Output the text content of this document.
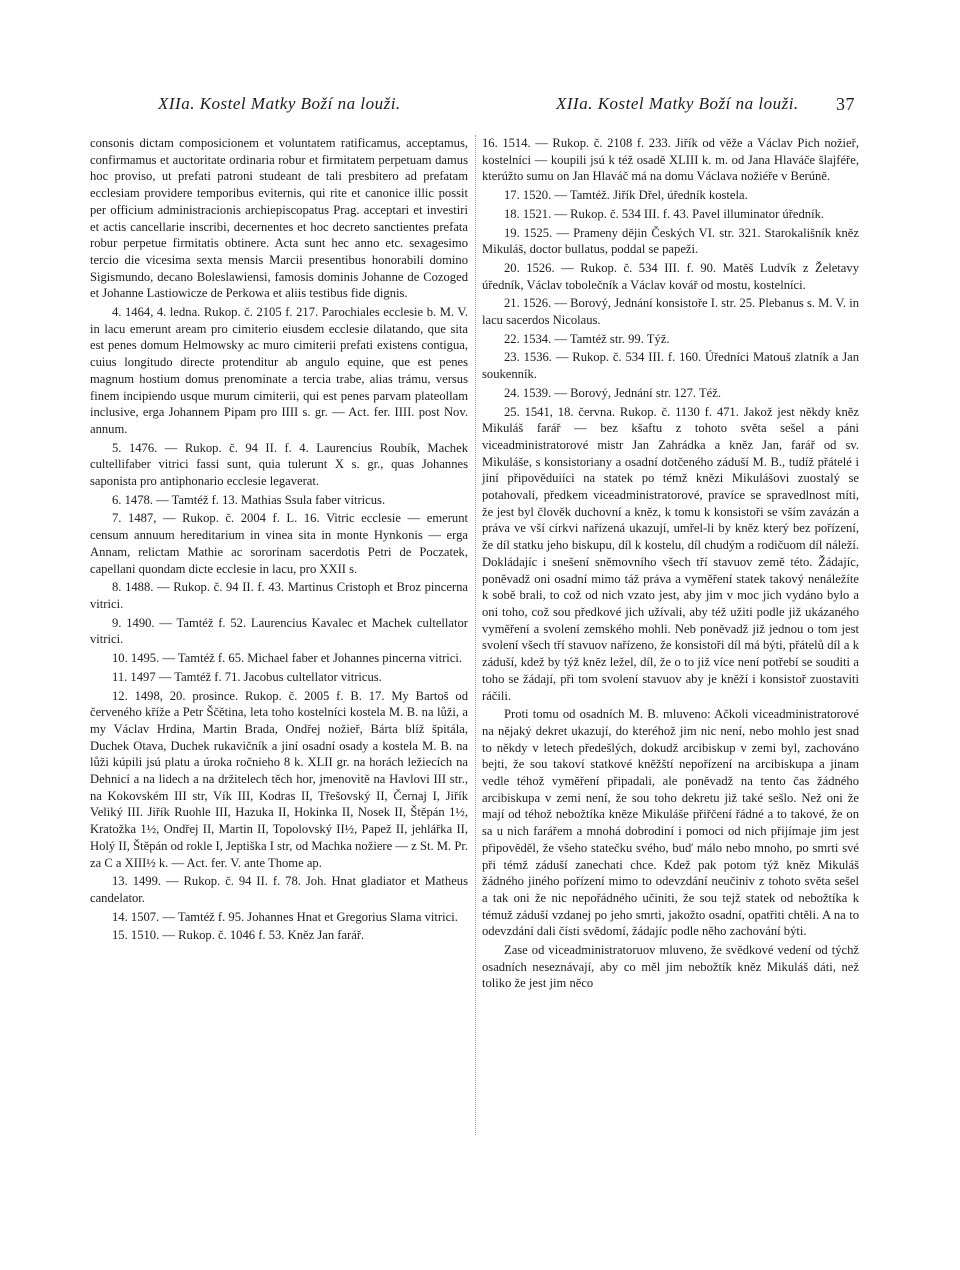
XIIa. Kostel Matky Boží na louži.	XIIa. Kostel Matky Boží na louži. 37

consonis dictam composicionem et voluntatem ratificamus, acceptamus, confirmamus et auctoritate ordinaria robur et firmitatem perpetuam damus hoc proviso, ut prefati patroni studeant de tali presbitero ad prefatam ecclesiam providere temporibus eviternis, qui rite et canonice illic possit per officium administracionis archiepiscopatus Prag. acceptari et investiri et actis cancellarie inscribi, decernentes et hoc decreto sanctientes prefata robur perpetue firmitatis obtinere. Acta sunt hec anno etc. sexagesimo tercio die vicesima sexta mensis Marcii presentibus honorabili domino Sigismundo, decano Boleslawiensi, famosis dominis Johanne de Cozoged et Johanne Lastiowicze de Perkowa et aliis testibus fide dignis.

4. 1464, 4. ledna. Rukop. č. 2105 f. 217. Parochiales ecclesie b. M. V. in lacu emerunt aream pro cimiterio eiusdem ecclesie dilatando, que sita est penes domum Helmowsky ac muro cimiterii prefati existens contigua, cuius longitudo directe protenditur ab angulo equine, que est penes magnum hostium domus prenominate a tercia trabe, alias trámu, versus finem incipiendo usque murum cimiterii, qui est penes parvam plateollam inclusive, erga Johannem Pipam pro IIII s. gr. — Act. fer. IIII. post Nov. annum.

5. 1476. — Rukop. č. 94 II. f. 4. Laurencius Roubík, Machek cultellifaber vitrici fassi sunt, quia tulerunt X s. gr., quas Johannes saponista pro antiphonario ecclesie legaverat.

6. 1478. — Tamtéž f. 13. Mathias Ssula faber vitricus.

7. 1487, — Rukop. č. 2004 f. L. 16. Vitric ecclesie — emerunt censum annuum hereditarium in vinea sita in monte Hynkonis — erga Annam, relictam Mathie ac sororinam sacerdotis Petri de Poczatek, capellani quondam dicte ecclesie in lacu, pro XXII s.

8. 1488. — Rukop. č. 94 II. f. 43. Martinus Cristoph et Broz pincerna vitrici.

9. 1490. — Tamtéž f. 52. Laurencius Kavalec et Machek cultellator vitrici.

10. 1495. — Tamtéž f. 65. Michael faber et Johannes pincerna vitrici.

11. 1497 — Tamtéž f. 71. Jacobus cultellator vitricus.

12. 1498, 20. prosince. Rukop. č. 2005 f. B. 17. My Bartoš od červeného kříže a Petr Ščětina, leta toho kostelníci kostela M. B. na lůži, a my Václav Hrdina, Martin Brada, Ondřej nožieř, Bárta blíž špitála, Duchek Otava, Duchek rukavičník a jiní osadní osady a kostela M. B. na lůži kúpili jsú platu a úroka ročnieho 8 k. XLII gr. na horách ležiecích na Dehnicí a na lidech a na držitelech těch hor, jmenovitě na Havlovi III str., na Kokovském III str, Vík III, Kodras II, Třešovský II, Černaj I, Jiřík Veliký III. Jiřík Ruohle III, Hazuka II, Hokinka II, Nosek II, Štěpán 1½, Kratožka 1½, Ondřej II, Martin II, Topolovský II½, Papež II, jehlářka II, Holý II, Štěpán od rokle I, Jeptiška I str, od Machka nožiere — z St. M. Pr. za C a XIII½ k. — Act. fer. V. ante Thome ap.

13. 1499. — Rukop. č. 94 II. f. 78. Joh. Hnat gladiator et Matheus candelator.

14. 1507. — Tamtéž f. 95. Johannes Hnat et Gregorius Slama vitrici.

15. 1510. — Rukop. č. 1046 f. 53. Kněz Jan farář.

16. 1514. — Rukop. č. 2108 f. 233. Jiřík od věže a Václav Pich nožieř, kostelníci — koupili jsú k též osadě XLIII k. m. od Jana Hlaváče šlajféře, kterúžto sumu on Jan Hlaváč má na domu Václava nožiéře v Berúně.

17. 1520. — Tamtéž. Jiřík Dřel, úředník kostela.

18. 1521. — Rukop. č. 534 III. f. 43. Pavel illuminator úředník.

19. 1525. — Prameny dějin Českých VI. str. 321. Starokališník kněz Mikuláš, doctor bullatus, poddal se papeži.

20. 1526. — Rukop. č. 534 III. f. 90. Matěš Ludvík z Želetavy úředník, Václav tobolečník a Václav kovář od mostu, kostelníci.

21. 1526. — Borový, Jednání konsistoře I. str. 25. Plebanus s. M. V. in lacu sacerdos Nicolaus.

22. 1534. — Tamtéž str. 99. Týž.

23. 1536. — Rukop. č. 534 III. f. 160. Úředníci Matouš zlatník a Jan soukenník.

24. 1539. — Borový, Jednání str. 127. Též.

25. 1541, 18. června. Rukop. č. 1130 f. 471. Jakož jest někdy kněz Mikuláš farář — bez kšaftu z tohoto světa sešel a páni viceadministratorové mistr Jan Zahrádka a kněz Jan, farář od sv. Mikuláše, s konsistoriany a osadní dotčeného záduší M. B., tudíž přátelé i jiní připověduiíci na statek po témž knězi Mikulášovi zuostalý se potahovali, předkem viceadministratorové, pravíce se spravedlnost míti, že jest byl člověk duchovní a kněz, k tomu k konsistoři se vším zavázán a práva ve vší církvi nařízená ukazují, umřel-li by kněz který bez pořízení, že díl statku jeho biskupu, díl k kostelu, díl chudým a rodičuom díl náleží. Dokládajíc i snešení sněmovního všech tří stavuov země této. Žádajíc, poněvadž oni osadní mimo táž práva a vyměření statek takový nenáležíte k sobě brali, to což od nich vzato jest, aby jim v moc jich vydáno bylo a oni toho, což sou předkové jich užívali, aby též užiti podle již ukázaného vyměření a svolení zemského mohli. Neb poněvadž již jednou o tom jest svolení všech tří stavuov nařízeno, že konsistoři díl má býti, přátelů díl a k záduší, kdež by týž kněz ležel, díl, že o to již více není potřebí se souditi a toho se žádají, při tom svolení stavuov aby je kněží i konsistoř zuostaviti ráčili.

Proti tomu od osadních M. B. mluveno: Ačkoli viceadministratorové na nějaký dekret ukazují, do kteréhož jim nic není, nebo mohlo jest snad to někdy v letech předešlých, dokudž arcibiskup v zemi byl, zachováno bejti, že sou takoví statkové kněžští nepořízení na arcibiskupa a jinam vedle téhož vyměření připadali, ale poněvadž na tento čas žádného arcibiskupa v zemi není, že sou toho dekretu již také sešlo. Než oni že mají od téhož nebožtíka kněze Mikuláše přiřčení řádné a to takové, že on sa u nich farářem a mnohá dobrodiní i pomoci od nich přijímaje jim jest připověděl, že všeho statečku svého, buď málo nebo mnoho, po smrti své při témž záduší zanechati chce. Kdež pak potom týž kněz Mikuláš žádného jiného pořízení mimo to odevzdání neučiniv z tohoto světa sešel a tak oni že nic nepořádného učiniti, že sou tejž statek od nebožtíka k témuž záduší vzdanej po jeho smrti, jakožto osadní, opatřiti chtěli. A na to odevzdání dali čísti svědomí, žádajíc podle něho zachování býti.

Zase od viceadministratoruov mluveno, že svědkové vedení od týchž osadních neseznávají, aby co měl jim nebožtík kněz Mikuláš dáti, než toliko že jest jim něco
